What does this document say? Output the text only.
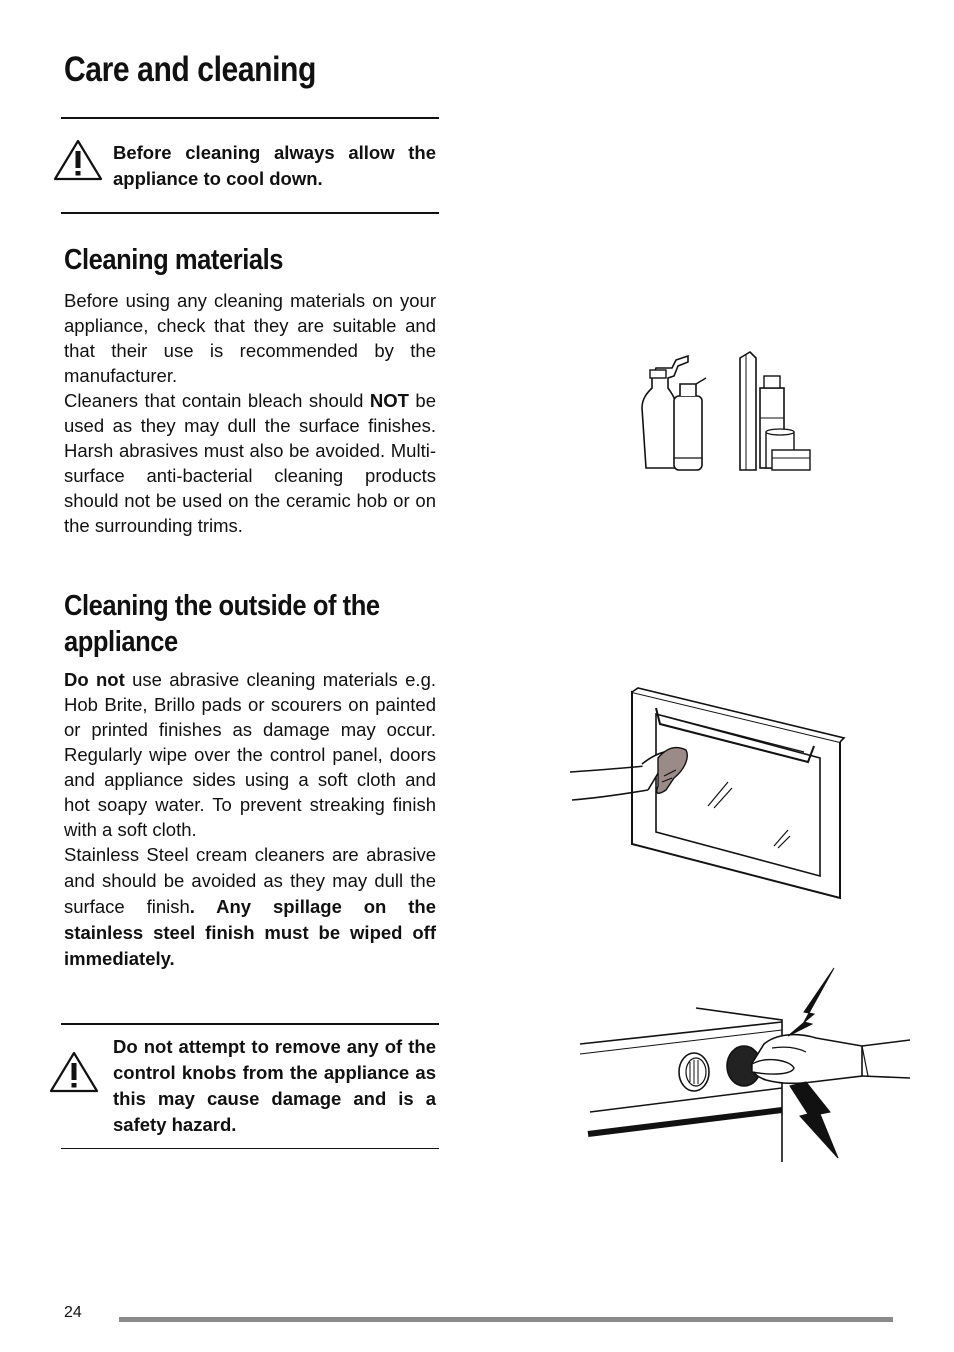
Care and cleaning
Before cleaning always allow the appliance to cool down.
Cleaning materials

Before using any cleaning materials on your appliance, check that they are suitable and that their use is recommended by the manufacturer.

Cleaners that contain bleach should NOT be used as they may dull the surface finishes. Harsh abrasives must also be avoided. Multi-surface anti-bacterial cleaning products should not be used on the ceramic hob or on the surrounding trims.

Cleaning the outside of the
appliance

Do not use abrasive cleaning materials e.g. Hob Brite, Brillo pads or scourers on painted or printed finishes as damage may occur. Regularly wipe over the control panel, doors and appliance sides using a soft cloth and hot soapy water. To prevent streaking finish with a soft cloth.

Stainless Steel cream cleaners are abrasive and should be avoided as they may dull the surface finish. Any spillage on the stainless steel finish must be wiped off immediately.

Do not attempt to remove any of the control knobs from the appliance as this may cause damage and is a safety hazard.
24
